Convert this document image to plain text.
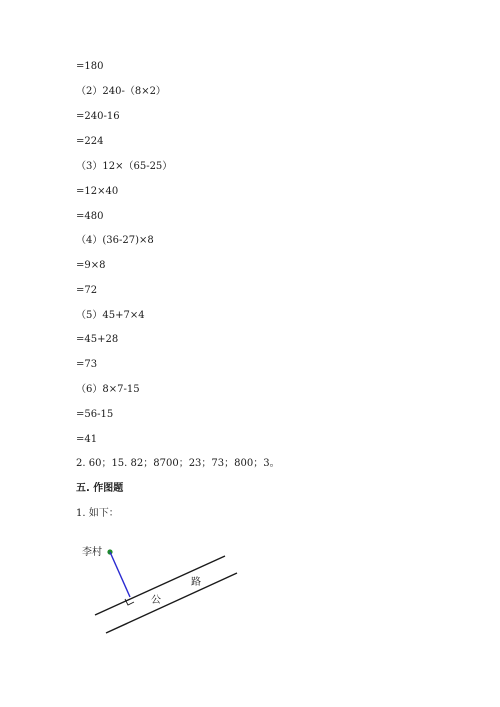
=180
（2）240-（8×2）
=240-16
=224
（3）12×（65-25）
=12×40
=480
（4）(36-27)×8
=9×8
=72
（5）45+7×4
=45+28
=73
（6）8×7-15
=56-15
=41
2. 60；15. 82；8700；23；73；800；3。
五. 作图题
1. 如下：
李村
路
公
